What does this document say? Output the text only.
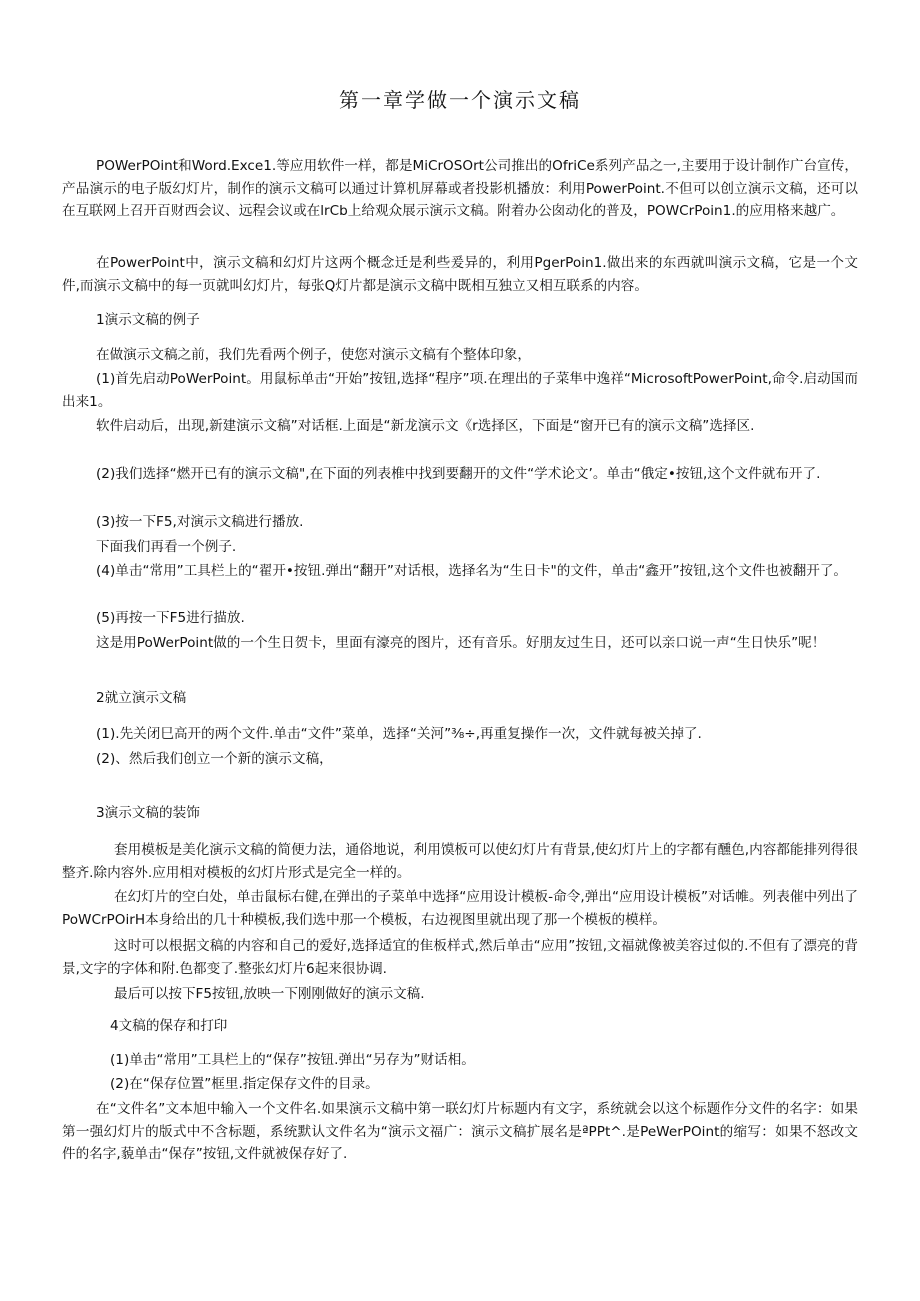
第一章学做一个演示文稿
POWerPOint和Word.Exce1.等应用软件一样，都是MiCrOSOrt公司推出的OfriCe系列产品之一,主要用于设计制作广台宣传，产品演示的电子版幻灯片，制作的演示文稿可以通过计算机屏幕或者投影机播放：利用PowerPoint.不但可以创立演示文稿，还可以在互联网上召开百财西会议、远程会议或在lrCb上给观众展示演示文稿。附着办公囱动化的普及，POWCrPoin1.的应用格来越广。
在PowerPoint中，演示文稿和幻灯片这两个概念迁是利些爰异的，利用PgerPoin1.做出来的东西就叫演示文稿，它是一个文件,而演示文稿中的每一页就叫幻灯片，每张Q灯片都是演示文稿中既相互独立又相互联系的内容。
1演示文稿的例子
在做演示文稿之前，我们先看两个例子，使您对演示文稿有个整体印象，
(1)首先启动PoWerPoint。用鼠标单击“开始”按钮,选择“程序”项.在理出的子菜隼中逸祥“MicrosoftPowerPoint,命令.启动国而出来1。
软件启动后，出现,新建演示文稿”对话框.上面是“新龙演示文《r选择区，下面是“窗开已有的演示文稿”选择区.
(2)我们选择“燃开已有的演示文稿",在下面的列表椎中找到要翻开的文件“学术论文’。单击“俄定•按钮,这个文件就布开了.
(3)按一下F5,对演示文稿进行播放.
下面我们再看一个例子.
(4)单击“常用”工具栏上的“翟开•按钮.弹出“翻开”对话根，选择名为“生日卡"的文件，单击“鑫开”按钮,这个文件也被翻开了。
(5)再按一下F5进行描放.
这是用PoWerPoint做的一个生日贺卡，里面有濠亮的图片，还有音乐。好朋友过生日，还可以亲口说一声“生日快乐”呢！
2就立演示文稿
(1).先关闭巳高开的两个文件.单击“文件”菜单，选择“关河”⅜÷,再重复操作一次，文件就每被关掉了.
(2)、然后我们创立一个新的演示文稿，
3演示文稿的装饰
套用模板是美化演示文稿的简便力法，通俗地说，利用馍板可以使幻灯片有背景,使幻灯片上的字都有醺色,内容都能排列得很整齐.除内容外.应用相对模板的幻灯片形式是完全一样的。
在幻灯片的空白处，单击鼠标右健,在弹出的子菜单中选择“应用设计模板-命令,弹出“应用设计模板”对话帷。列表催中列出了PoWCrPOirH本身给出的几十种模板,我们选中那一个模板，右边视图里就出现了那一个模板的模样。
这时可以根据文稿的内容和自己的爱好,选择适宜的隹板样式,然后单击“应用”按钮,文福就像被美容过似的.不但有了漂亮的背景,文字的字体和附.色都变了.整张幻灯片6起来很协调.
最后可以按下F5按钮,放映一下刚刚做好的演示文稿.
4文稿的保存和打印
(1)单击“常用”工具栏上的“保存”按钮.弹出“另存为”财话相。
(2)在“保存位置”框里.指定保存文件的目录。
在“文件名”文本旭中输入一个文件名.如果演示文稿中第一联幻灯片标题内有文字，系统就会以这个标题作分文件的名字：如果第一强幻灯片的版式中不含标题，系统默认文件名为“演示文福广：演示文稿扩展名是ªPPt^.是PeWerPOint的缩写：如果不怒改文件的名字,藐单击“保存”按钮,文件就被保存好了.
